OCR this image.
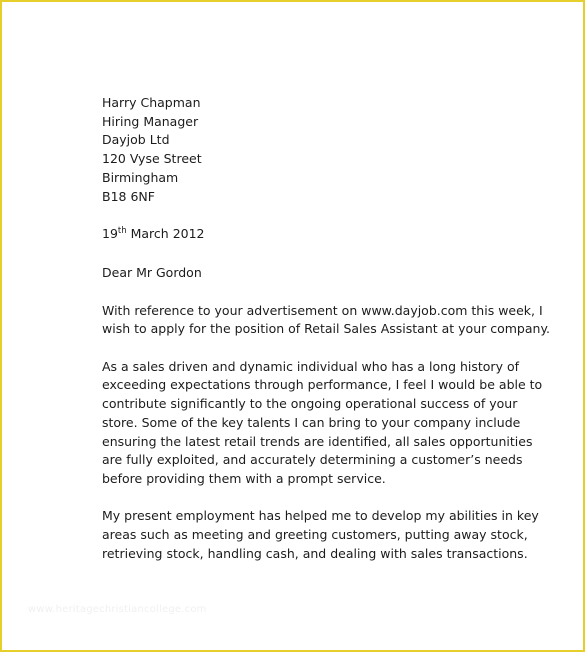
Harry Chapman
Hiring Manager
Dayjob Ltd
120 Vyse Street
Birmingham
B18 6NF
19th March 2012
Dear Mr Gordon
With reference to your advertisement on www.dayjob.com this week, I
wish to apply for the position of Retail Sales Assistant at your company.
As a sales driven and dynamic individual who has a long history of
exceeding expectations through performance, I feel I would be able to
contribute significantly to the ongoing operational success of your
store. Some of the key talents I can bring to your company include
ensuring the latest retail trends are identified, all sales opportunities
are fully exploited, and accurately determining a customer’s needs
before providing them with a prompt service.
My present employment has helped me to develop my abilities in key
areas such as meeting and greeting customers, putting away stock,
retrieving stock, handling cash, and dealing with sales transactions.
www.heritagechristiancollege.com
